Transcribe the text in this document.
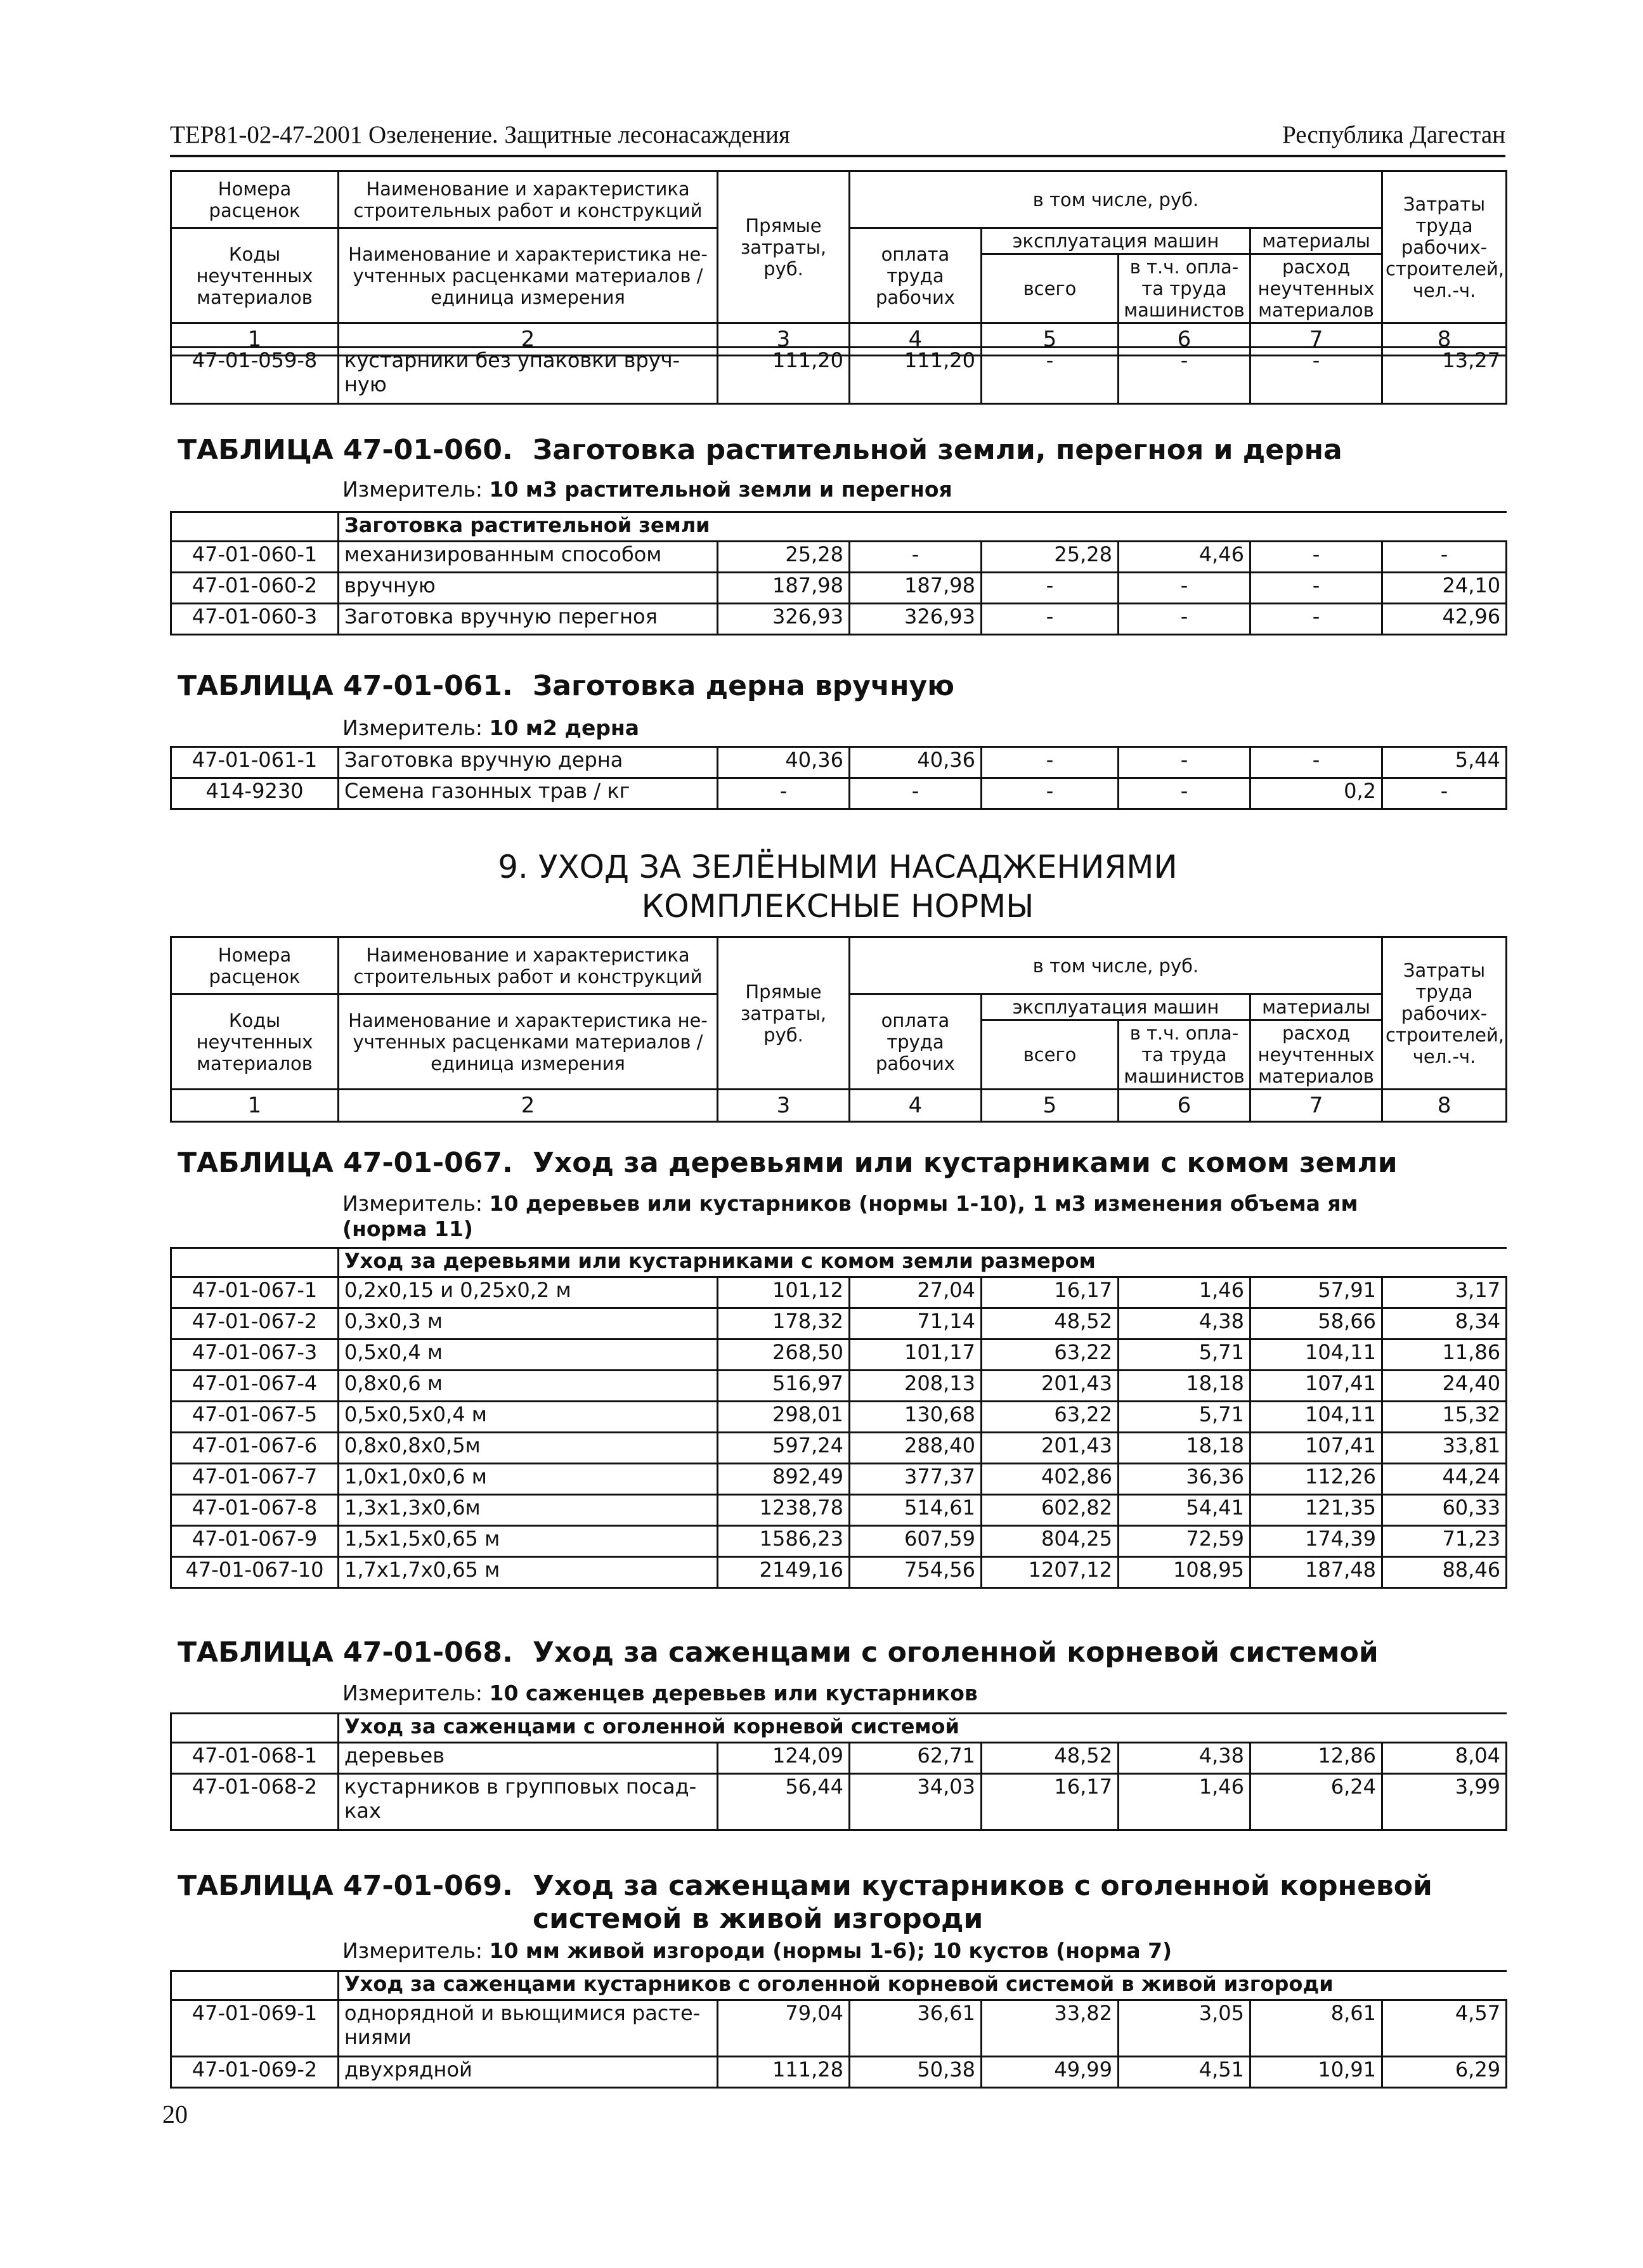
ТЕР81-02-47-2001 Озеленение. Защитные лесонасаждения	Республика Дагестан
Номера расценок	Наименование и характеристика строительных работ и конструкций	Прямые затраты, руб.	в том числе, руб.				Затраты труда рабочих-строителей, чел.-ч.
Коды неучтенных материалов	Наименование и характеристика не-учтенных расценками материалов / единица измерения		оплата труда рабочих	эксплуатация машин		материалы	
				всего	в т.ч. опла-та труда машинистов	расход неучтенных материалов	
1	2	3	4	5	6	7	8
47-01-059-8	кустарники без упаковки вруч-ную	111,20	111,20	-	-	-	13,27
ТАБЛИЦА 47-01-060. Заготовка растительной земли, перегноя и дерна
Измеритель: 10 м3 растительной земли и перегноя
	Заготовка растительной земли						
47-01-060-1	механизированным способом	25,28	-	25,28	4,46	-	-
47-01-060-2	вручную	187,98	187,98	-	-	-	24,10
47-01-060-3	Заготовка вручную перегноя	326,93	326,93	-	-	-	42,96
ТАБЛИЦА 47-01-061. Заготовка дерна вручную
Измеритель: 10 м2 дерна
47-01-061-1	Заготовка вручную дерна	40,36	40,36	-	-	-	5,44
414-9230	Семена газонных трав / кг	-	-	-	-	0,2	-
9. УХОД ЗА ЗЕЛЁНЫМИ НАСАДЖЕНИЯМИ
КОМПЛЕКСНЫЕ НОРМЫ
Номера расценок	Наименование и характеристика строительных работ и конструкций	Прямые затраты, руб.	в том числе, руб.				Затраты труда рабочих-строителей, чел.-ч.
Коды неучтенных материалов	Наименование и характеристика не-учтенных расценками материалов / единица измерения		оплата труда рабочих	эксплуатация машин		материалы	
				всего	в т.ч. опла-та труда машинистов	расход неучтенных материалов	
1	2	3	4	5	6	7	8
ТАБЛИЦА 47-01-067. Уход за деревьями или кустарниками с комом земли
Измеритель: 10 деревьев или кустарников (нормы 1-10), 1 м3 изменения объема ям (норма 11)
	Уход за деревьями или кустарниками с комом земли размером						
47-01-067-1	0,2х0,15 и 0,25х0,2 м	101,12	27,04	16,17	1,46	57,91	3,17
47-01-067-2	0,3х0,3 м	178,32	71,14	48,52	4,38	58,66	8,34
47-01-067-3	0,5х0,4 м	268,50	101,17	63,22	5,71	104,11	11,86
47-01-067-4	0,8х0,6 м	516,97	208,13	201,43	18,18	107,41	24,40
47-01-067-5	0,5х0,5х0,4 м	298,01	130,68	63,22	5,71	104,11	15,32
47-01-067-6	0,8х0,8х0,5м	597,24	288,40	201,43	18,18	107,41	33,81
47-01-067-7	1,0х1,0х0,6 м	892,49	377,37	402,86	36,36	112,26	44,24
47-01-067-8	1,3х1,3х0,6м	1238,78	514,61	602,82	54,41	121,35	60,33
47-01-067-9	1,5х1,5х0,65 м	1586,23	607,59	804,25	72,59	174,39	71,23
47-01-067-10	1,7х1,7х0,65 м	2149,16	754,56	1207,12	108,95	187,48	88,46
ТАБЛИЦА 47-01-068. Уход за саженцами с оголенной корневой системой
Измеритель: 10 саженцев деревьев или кустарников
	Уход за саженцами с оголенной корневой системой						
47-01-068-1	деревьев	124,09	62,71	48,52	4,38	12,86	8,04
47-01-068-2	кустарников в групповых посад-ках	56,44	34,03	16,17	1,46	6,24	3,99
ТАБЛИЦА 47-01-069. Уход за саженцами кустарников с оголенной корневой системой в живой изгороди
Измеритель: 10 мм живой изгороди (нормы 1-6); 10 кустов (норма 7)
	Уход за саженцами кустарников с оголенной корневой системой в живой изгороди						
47-01-069-1	однорядной и вьющимися расте-ниями	79,04	36,61	33,82	3,05	8,61	4,57
47-01-069-2	двухрядной	111,28	50,38	49,99	4,51	10,91	6,29
20
